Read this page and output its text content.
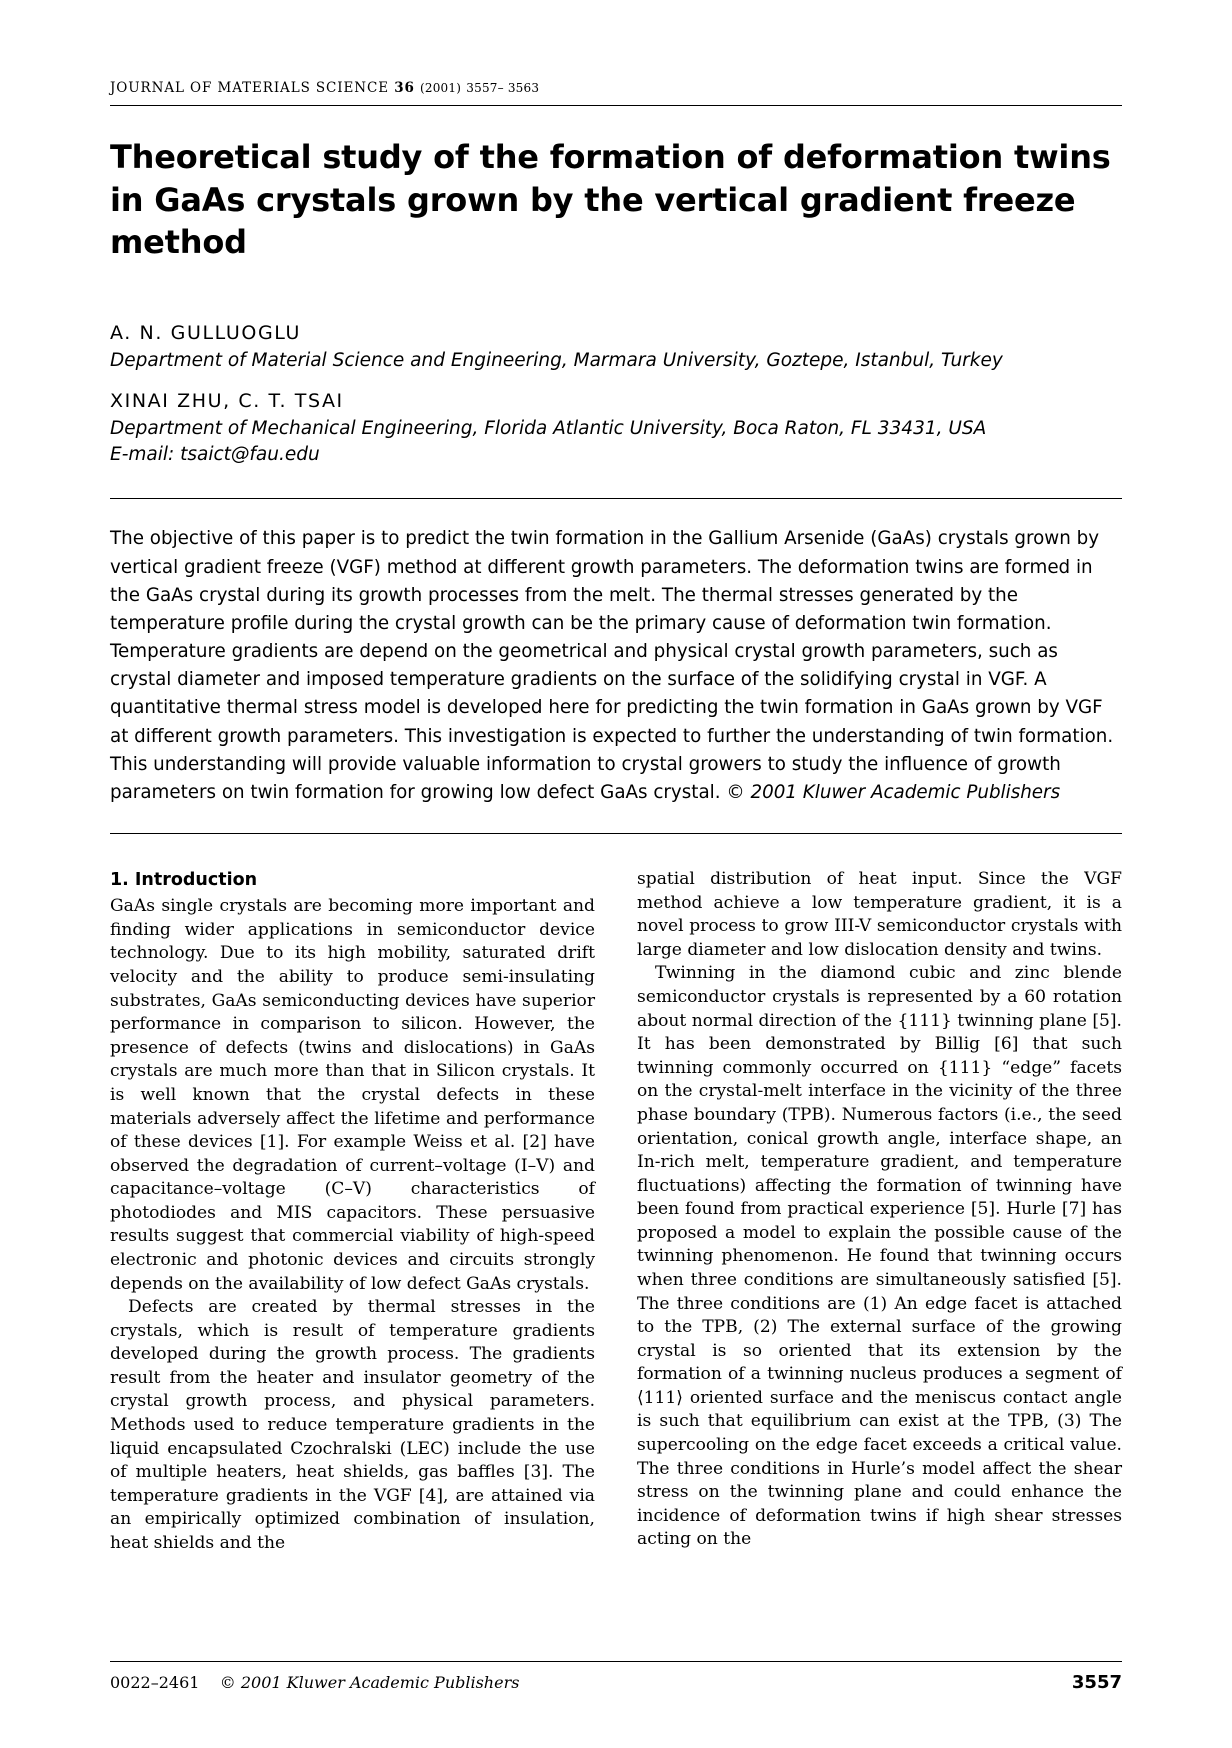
JOURNAL OF MATERIALS SCIENCE 36 (2001) 3557– 3563
Theoretical study of the formation of deformation twins in GaAs crystals grown by the vertical gradient freeze method
A. N. GULLUOGLU
Department of Material Science and Engineering, Marmara University, Goztepe, Istanbul, Turkey
XINAI ZHU, C. T. TSAI
Department of Mechanical Engineering, Florida Atlantic University, Boca Raton, FL 33431, USA
E-mail: tsaict@fau.edu
The objective of this paper is to predict the twin formation in the Gallium Arsenide (GaAs) crystals grown by vertical gradient freeze (VGF) method at different growth parameters. The deformation twins are formed in the GaAs crystal during its growth processes from the melt. The thermal stresses generated by the temperature profile during the crystal growth can be the primary cause of deformation twin formation. Temperature gradients are depend on the geometrical and physical crystal growth parameters, such as crystal diameter and imposed temperature gradients on the surface of the solidifying crystal in VGF. A quantitative thermal stress model is developed here for predicting the twin formation in GaAs grown by VGF at different growth parameters. This investigation is expected to further the understanding of twin formation. This understanding will provide valuable information to crystal growers to study the influence of growth parameters on twin formation for growing low defect GaAs crystal. © 2001 Kluwer Academic Publishers
1. Introduction

GaAs single crystals are becoming more important and finding wider applications in semiconductor device technology. Due to its high mobility, saturated drift velocity and the ability to produce semi-insulating substrates, GaAs semiconducting devices have superior performance in comparison to silicon. However, the presence of defects (twins and dislocations) in GaAs crystals are much more than that in Silicon crystals. It is well known that the crystal defects in these materials adversely affect the lifetime and performance of these devices [1]. For example Weiss et al. [2] have observed the degradation of current–voltage (I–V) and capacitance–voltage (C–V) characteristics of photodiodes and MIS capacitors. These persuasive results suggest that commercial viability of high-speed electronic and photonic devices and circuits strongly depends on the availability of low defect GaAs crystals.

Defects are created by thermal stresses in the crystals, which is result of temperature gradients developed during the growth process. The gradients result from the heater and insulator geometry of the crystal growth process, and physical parameters. Methods used to reduce temperature gradients in the liquid encapsulated Czochralski (LEC) include the use of multiple heaters, heat shields, gas baffles [3]. The temperature gradients in the VGF [4], are attained via an empirically optimized combination of insulation, heat shields and the

spatial distribution of heat input. Since the VGF method achieve a low temperature gradient, it is a novel process to grow III-V semiconductor crystals with large diameter and low dislocation density and twins.

Twinning in the diamond cubic and zinc blende semiconductor crystals is represented by a 60 rotation about normal direction of the {111} twinning plane [5]. It has been demonstrated by Billig [6] that such twinning commonly occurred on {111} “edge” facets on the crystal-melt interface in the vicinity of the three phase boundary (TPB). Numerous factors (i.e., the seed orientation, conical growth angle, interface shape, an In-rich melt, temperature gradient, and temperature fluctuations) affecting the formation of twinning have been found from practical experience [5]. Hurle [7] has proposed a model to explain the possible cause of the twinning phenomenon. He found that twinning occurs when three conditions are simultaneously satisfied [5]. The three conditions are (1) An edge facet is attached to the TPB, (2) The external surface of the growing crystal is so oriented that its extension by the formation of a twinning nucleus produces a segment of ⟨111⟩ oriented surface and the meniscus contact angle is such that equilibrium can exist at the TPB, (3) The supercooling on the edge facet exceeds a critical value. The three conditions in Hurle’s model affect the shear stress on the twinning plane and could enhance the incidence of deformation twins if high shear stresses acting on the

0022–2461 © 2001 Kluwer Academic Publishers	3557
